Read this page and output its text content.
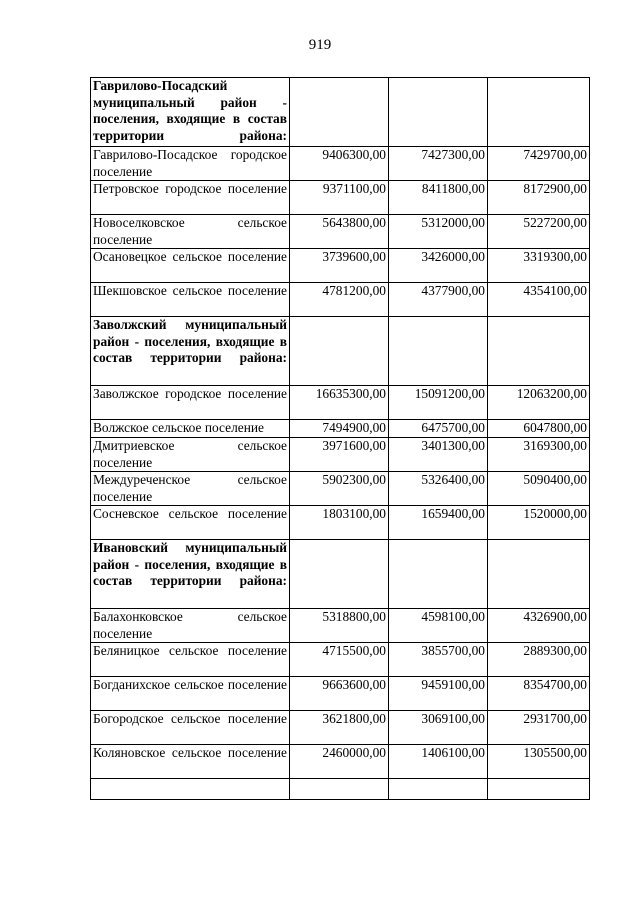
919
Гаврилово-Посадский муниципальный район - поселения, входящие в состав территории района:			
Гаврилово-Посадское городское поселение	9406300,00	7427300,00	7429700,00
Петровское городское поселение	9371100,00	8411800,00	8172900,00
Новоселковское сельское поселение	5643800,00	5312000,00	5227200,00
Осановецкое сельское поселение	3739600,00	3426000,00	3319300,00
Шекшовское сельское поселение	4781200,00	4377900,00	4354100,00
Заволжский муниципальный район - поселения, входящие в состав территории района:			
Заволжское городское поселение	16635300,00	15091200,00	12063200,00
Волжское сельское поселение	7494900,00	6475700,00	6047800,00
Дмитриевское сельское поселение	3971600,00	3401300,00	3169300,00
Междуреченское сельское поселение	5902300,00	5326400,00	5090400,00
Сосневское сельское поселение	1803100,00	1659400,00	1520000,00
Ивановский муниципальный район - поселения, входящие в состав территории района:			
Балахонковское сельское поселение	5318800,00	4598100,00	4326900,00
Беляницкое сельское поселение	4715500,00	3855700,00	2889300,00
Богданихское сельское поселение	9663600,00	9459100,00	8354700,00
Богородское сельское поселение	3621800,00	3069100,00	2931700,00
Коляновское сельское поселение	2460000,00	1406100,00	1305500,00
